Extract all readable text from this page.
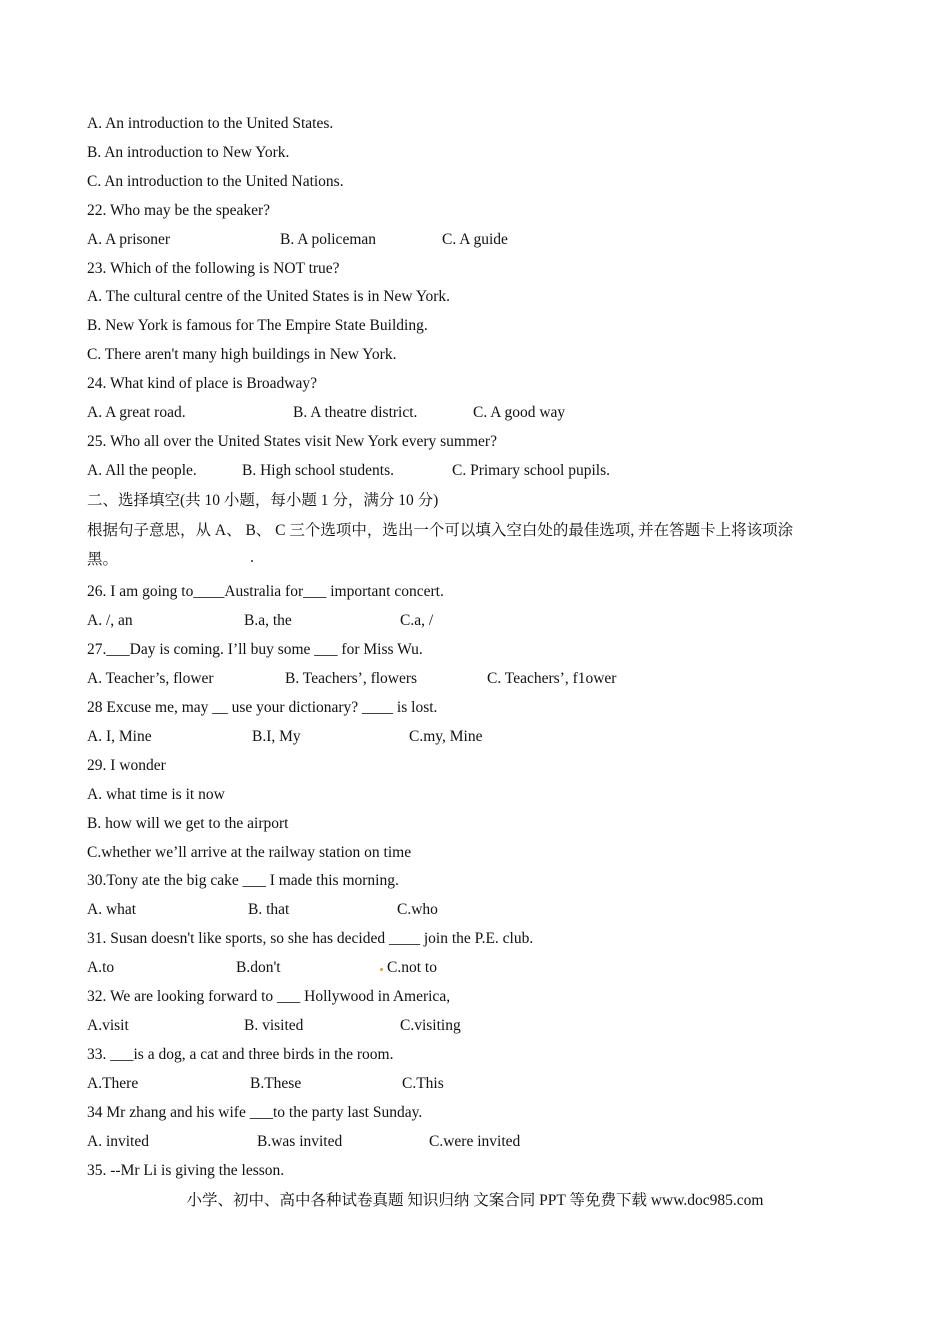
A. An introduction to the United States.
B. An introduction to New York.
C. An introduction to the United Nations.
22. Who may be the speaker?
A. A prisoner	B. A policeman	C. A guide
23. Which of the following is NOT true?
A. The cultural centre of the United States is in New York.
B. New York is famous for The Empire State Building.
C. There aren't many high buildings in New York.
24. What kind of place is Broadway?
A. A great road.	B. A theatre district.	C. A good way
25. Who all over the United States visit New York every summer?
A. All the people.	B. High school students.	C. Primary school pupils.
二、选择填空(共 10 小题，每小题 1 分，满分 10 分)
根据句子意思，从 A、 B、 C 三个选项中，选出一个可以填入空白处的最佳选项, 并在答题卡上将该项涂
黑。
26. I am going to____Australia for___ important concert.
A. /, an	B.a, the	C.a, /
27.___Day is coming. I’ll buy some ___ for Miss Wu.
A. Teacher’s, flower	B. Teachers’, flowers	C. Teachers’, f1ower
28 Excuse me, may __ use your dictionary? ____ is lost.
A. I, Mine	B.I, My	C.my, Mine
29. I wonder
A. what time is it now
B. how will we get to the airport
C.whether we’ll arrive at the railway station on time
30.Tony ate the big cake ___ I made this morning.
A. what	B. that	C.who
31. Susan doesn't like sports, so she has decided ____ join the P.E. club.
A.to	B.don't	C.not to
32. We are looking forward to ___ Hollywood in America,
A.visit	B. visited	C.visiting
33. ___is a dog, a cat and three birds in the room.
A.There	B.These	C.This
34 Mr zhang and his wife ___to the party last Sunday.
A. invited	B.was invited	C.were invited
35. --Mr Li is giving the lesson.
小学、初中、高中各种试卷真题 知识归纳 文案合同 PPT 等免费下载 www.doc985.com
